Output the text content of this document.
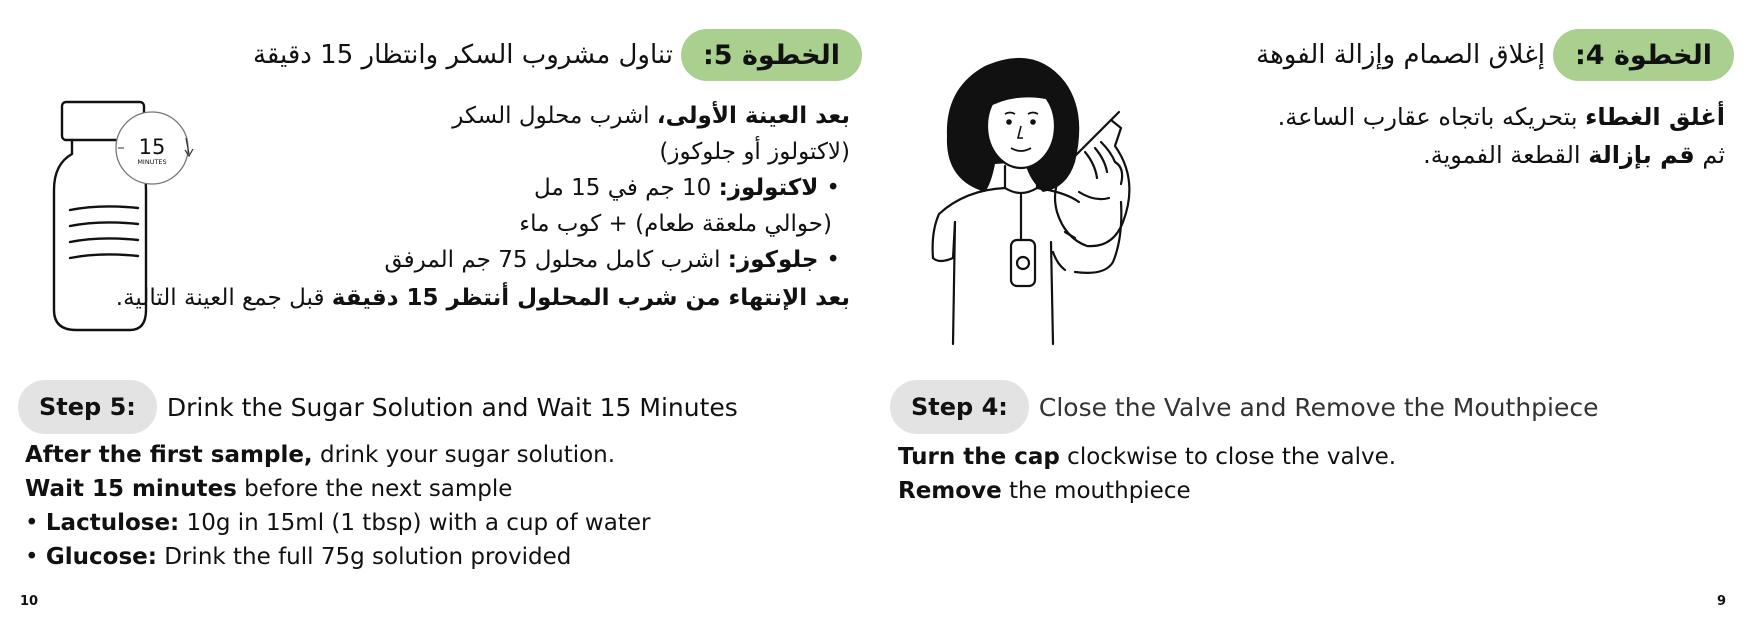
الخطوة 5:
تناول مشروب السكر وانتظار 15 دقيقة
بعد العينة الأولى، اشرب محلول السكر
(لاكتولوز أو جلوكوز)
• لاكتولوز: 10 جم في 15 مل
(حوالي ملعقة طعام) + كوب ماء
• جلوكوز: اشرب كامل محلول 75 جم المرفق
بعد الإنتهاء من شرب المحلول أنتظر 15 دقيقة قبل جمع العينة التالية.
15
MINUTES
Step 5: Drink the Sugar Solution and Wait 15 Minutes
After the first sample, drink your sugar solution.
Wait 15 minutes before the next sample
• Lactulose: 10g in 15ml (1 tbsp) with a cup of water
• Glucose: Drink the full 75g solution provided
10
الخطوة 4:
إغلاق الصمام وإزالة الفوهة
أغلق الغطاء بتحريكه باتجاه عقارب الساعة.
ثم قم بإزالة القطعة الفموية.
Step 4: Close the Valve and Remove the Mouthpiece
Turn the cap clockwise to close the valve.
Remove the mouthpiece
9
